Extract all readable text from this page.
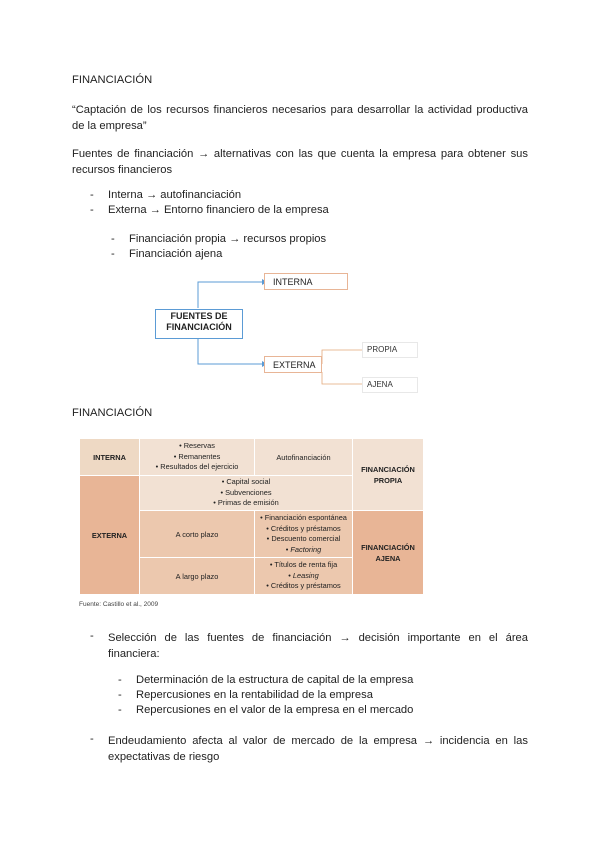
FINANCIACIÓN
“Captación de los recursos financieros necesarios para desarrollar la actividad productiva de la empresa”
Fuentes de financiación → alternativas con las que cuenta la empresa para obtener sus recursos financieros
- Interna → autofinanciación
- Externa → Entorno financiero de la empresa
- Financiación propia → recursos propios
- Financiación ajena
FUENTES DE FINANCIACIÓN
INTERNA
EXTERNA
PROPIA
AJENA
FINANCIACIÓN
INTERNA	• Reservas
• Remanentes
• Resultados del ejercicio	Autofinanciación	FINANCIACIÓN PROPIA

EXTERNA	• Capital social
• Subvenciones
• Primas de emisión		

	A corto plazo	• Financiación espontánea
• Créditos y préstamos
• Descuento comercial
• Factoring	FINANCIACIÓN AJENA

	A largo plazo	• Títulos de renta fija
• Leasing
• Créditos y préstamos	
Fuente: Castillo et al., 2009
- Selección de las fuentes de financiación → decisión importante en el área financiera:
- Determinación de la estructura de capital de la empresa
- Repercusiones en la rentabilidad de la empresa
- Repercusiones en el valor de la empresa en el mercado
- Endeudamiento afecta al valor de mercado de la empresa → incidencia en las expectativas de riesgo
